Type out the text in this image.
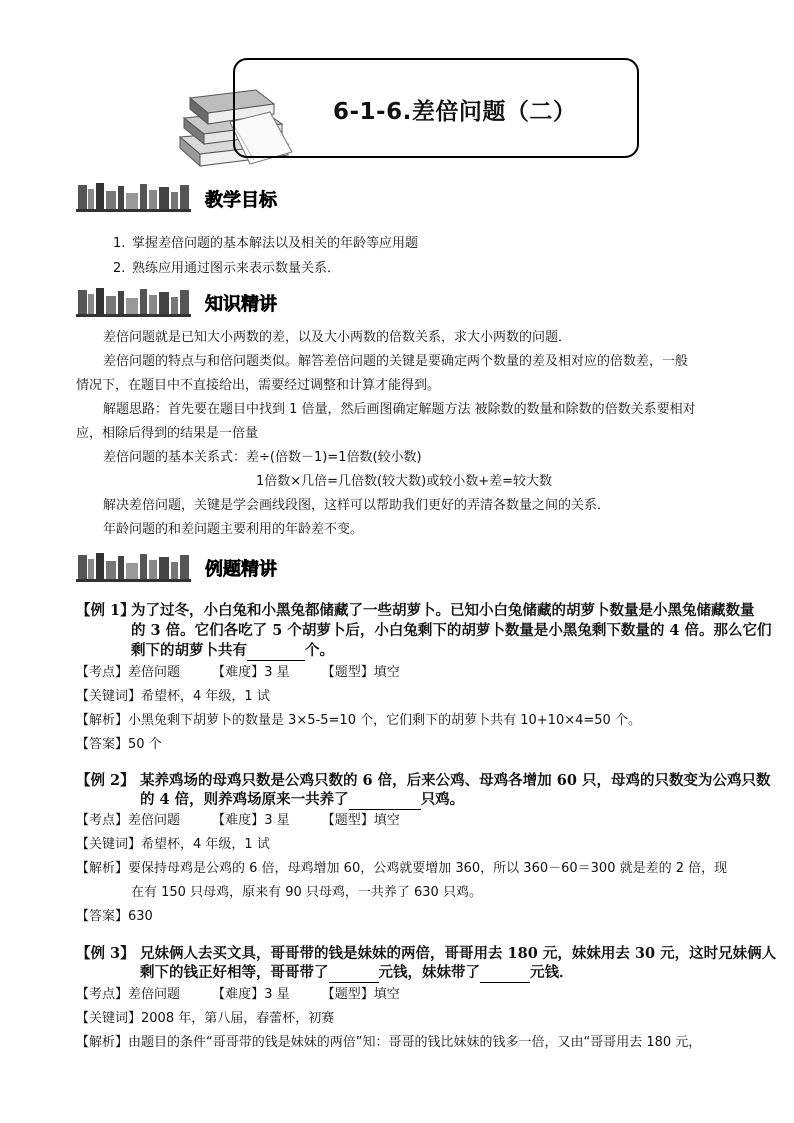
6-1-6.差倍问题（二）
教学目标
1. 掌握差倍问题的基本解法以及相关的年龄等应用题
2. 熟练应用通过图示来表示数量关系．
知识精讲
差倍问题就是已知大小两数的差，以及大小两数的倍数关系，求大小两数的问题．
差倍问题的特点与和倍问题类似。解答差倍问题的关键是要确定两个数量的差及相对应的倍数差，一般
情况下，在题目中不直接给出，需要经过调整和计算才能得到。
解题思路：首先要在题目中找到 1 倍量，然后画图确定解题方法 被除数的数量和除数的倍数关系要相对
应，相除后得到的结果是一倍量
差倍问题的基本关系式：差÷(倍数－1)=1倍数(较小数)
1倍数×几倍=几倍数(较大数)或较小数+差=较大数
解决差倍问题，关键是学会画线段图，这样可以帮助我们更好的弄清各数量之间的关系．
年龄问题的和差问题主要利用的年龄差不变。
例题精讲
【例 1】
为了过冬，小白兔和小黑兔都储藏了一些胡萝卜。已知小白兔储藏的胡萝卜数量是小黑兔储藏数量
的 3 倍。它们各吃了 5 个胡萝卜后，小白兔剩下的胡萝卜数量是小黑兔剩下数量的 4 倍。那么它们
剩下的胡萝卜共有	个。
【考点】差倍问题 【难度】3 星 【题型】填空
【关键词】希望杯，4 年级，1 试
【解析】小黑兔剩下胡萝卜的数量是 3×5-5=10 个，它们剩下的胡萝卜共有 10+10×4=50 个。
【答案】50 个
【例 2】 某养鸡场的母鸡只数是公鸡只数的 6 倍，后来公鸡、母鸡各增加 60 只，母鸡的只数变为公鸡只数
的 4 倍，则养鸡场原来一共养了	只鸡。
【考点】差倍问题 【难度】3 星 【题型】填空
【关键词】希望杯，4 年级，1 试
【解析】要保持母鸡是公鸡的 6 倍，母鸡增加 60，公鸡就要增加 360，所以 360－60＝300 就是差的 2 倍，现
在有 150 只母鸡，原来有 90 只母鸡，一共养了 630 只鸡。
【答案】630
【例 3】 兄妹俩人去买文具，哥哥带的钱是妹妹的两倍，哥哥用去 180 元，妹妹用去 30 元，这时兄妹俩人
剩下的钱正好相等，哥哥带了	元钱，妹妹带了	元钱．
【考点】差倍问题 【难度】3 星 【题型】填空
【关键词】2008 年，第八届，春蕾杯，初赛
【解析】由题目的条件“哥哥带的钱是妹妹的两倍”知：哥哥的钱比妹妹的钱多一倍，又由“哥哥用去 180 元，
